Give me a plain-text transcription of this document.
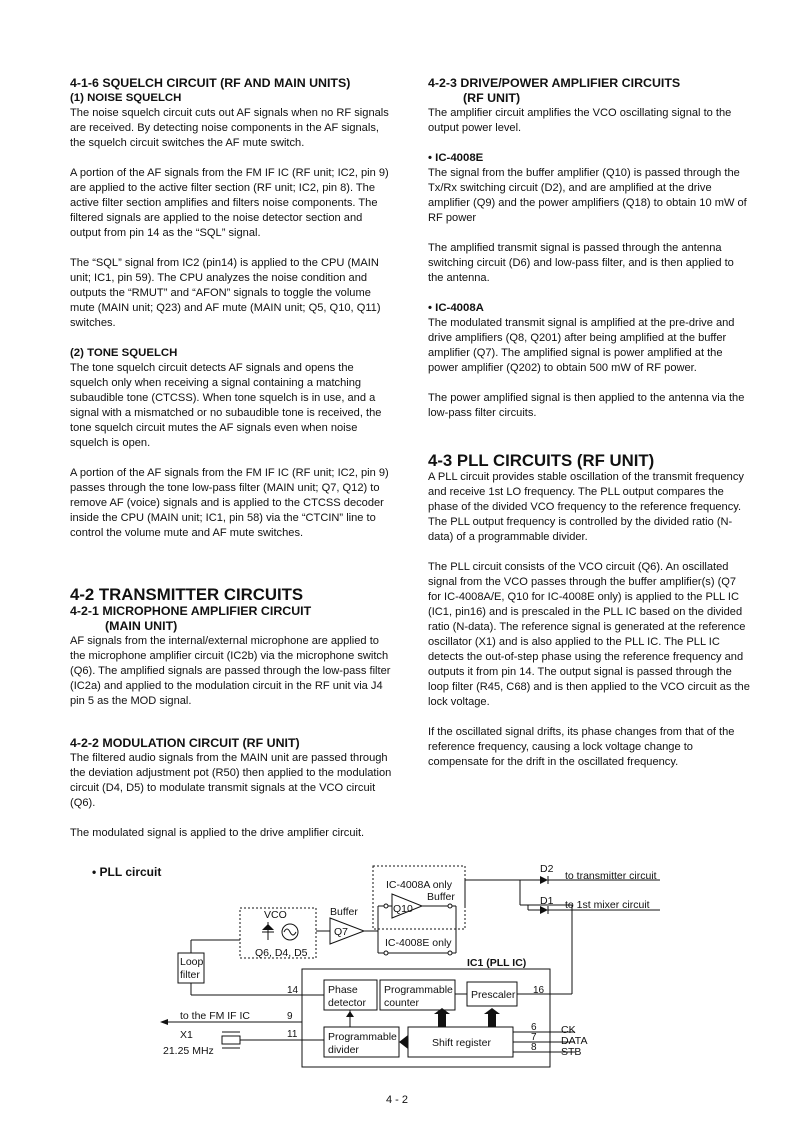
4-1-6 SQUELCH CIRCUIT (RF AND MAIN UNITS)
(1) NOISE SQUELCH

The noise squelch circuit cuts out AF signals when no RF signals are received. By detecting noise components in the AF signals, the squelch circuit switches the AF mute switch.

A portion of the AF signals from the FM IF IC (RF unit; IC2, pin 9) are applied to the active filter section (RF unit; IC2, pin 8). The active filter section amplifies and filters noise components. The filtered signals are applied to the noise detector section and output from pin 14 as the “SQL” signal.

The “SQL” signal from IC2 (pin14) is applied to the CPU (MAIN unit; IC1, pin 59). The CPU analyzes the noise condition and outputs the “RMUT” and “AFON” signals to toggle the volume mute (MAIN unit; Q23) and AF mute (MAIN unit; Q5, Q10, Q11) switches.

(2) TONE SQUELCH

The tone squelch circuit detects AF signals and opens the squelch only when receiving a signal containing a matching subaudible tone (CTCSS). When tone squelch is in use, and a signal with a mismatched or no subaudible tone is received, the tone squelch circuit mutes the AF signals even when noise squelch is open.

A portion of the AF signals from the FM IF IC (RF unit; IC2, pin 9) passes through the tone low-pass filter (MAIN unit; Q7, Q12) to remove AF (voice) signals and is applied to the CTCSS decoder inside the CPU (MAIN unit; IC1, pin 58) via the “CTCIN” line to control the volume mute and AF mute switches.

4-2 TRANSMITTER CIRCUITS
4-2-1 MICROPHONE AMPLIFIER CIRCUIT
(MAIN UNIT)

AF signals from the internal/external microphone are applied to the microphone amplifier circuit (IC2b) via the microphone switch (Q6). The amplified signals are passed through the low-pass filter (IC2a) and applied to the modulation circuit in the RF unit via J4 pin 5 as the MOD signal.

4-2-2 MODULATION CIRCUIT (RF UNIT)

The filtered audio signals from the MAIN unit are passed through the deviation adjustment pot (R50) then applied to the modulation circuit (D4, D5) to modulate transmit signals at the VCO circuit (Q6).

The modulated signal is applied to the drive amplifier circuit.

4-2-3 DRIVE/POWER AMPLIFIER CIRCUITS
(RF UNIT)

The amplifier circuit amplifies the VCO oscillating signal to the output power level.

• IC-4008E

The signal from the buffer amplifier (Q10) is passed through the Tx/Rx switching circuit (D2), and are amplified at the drive amplifier (Q9) and the power amplifiers (Q18) to obtain 10 mW of RF power

The amplified transmit signal is passed through the antenna switching circuit (D6) and low-pass filter, and is then applied to the antenna.

• IC-4008A

The modulated transmit signal is amplified at the pre-drive and drive amplifiers (Q8, Q201) after being amplified at the buffer amplifier (Q7). The amplified signal is power amplified at the power amplifier (Q202) to obtain 500 mW of RF power.

The power amplified signal is then applied to the antenna via the low-pass filter circuits.

4-3 PLL CIRCUITS (RF UNIT)

A PLL circuit provides stable oscillation of the transmit frequency and receive 1st LO frequency. The PLL output compares the phase of the divided VCO frequency to the reference frequency. The PLL output frequency is controlled by the divided ratio (N-data) of a programmable divider.

The PLL circuit consists of the VCO circuit (Q6). An oscillated signal from the VCO passes through the buffer amplifier(s) (Q7 for IC-4008A/E, Q10 for IC-4008E only) is applied to the PLL IC (IC1, pin16) and is prescaled in the PLL IC based on the divided ratio (N-data). The reference signal is generated at the reference oscillator (X1) and is also applied to the PLL IC. The PLL IC detects the out-of-step phase using the reference frequency and outputs it from pin 14. The output signal is passed through the loop filter (R45, C68) and is then applied to the VCO circuit as the lock voltage.

If the oscillated signal drifts, its phase changes from that of the reference frequency, causing a lock voltage change to compensate for the drift in the oscillated frequency.

• PLL circuit
IC-4008A only
Buffer
Q10
IC-4008E only
Buffer
Q7
VCO
Q6, D4, D5
Loop
filter
IC1 (PLL IC)
14	16
Phase
detector
Programmable
counter
Prescaler
Programmable
divider
Shift register
to the FM IF IC	9
X1
21.25 MHz
11
6
7
8
CK
DATA
STB
D2
D1
to transmitter circuit
to 1st mixer circuit
4 - 2
